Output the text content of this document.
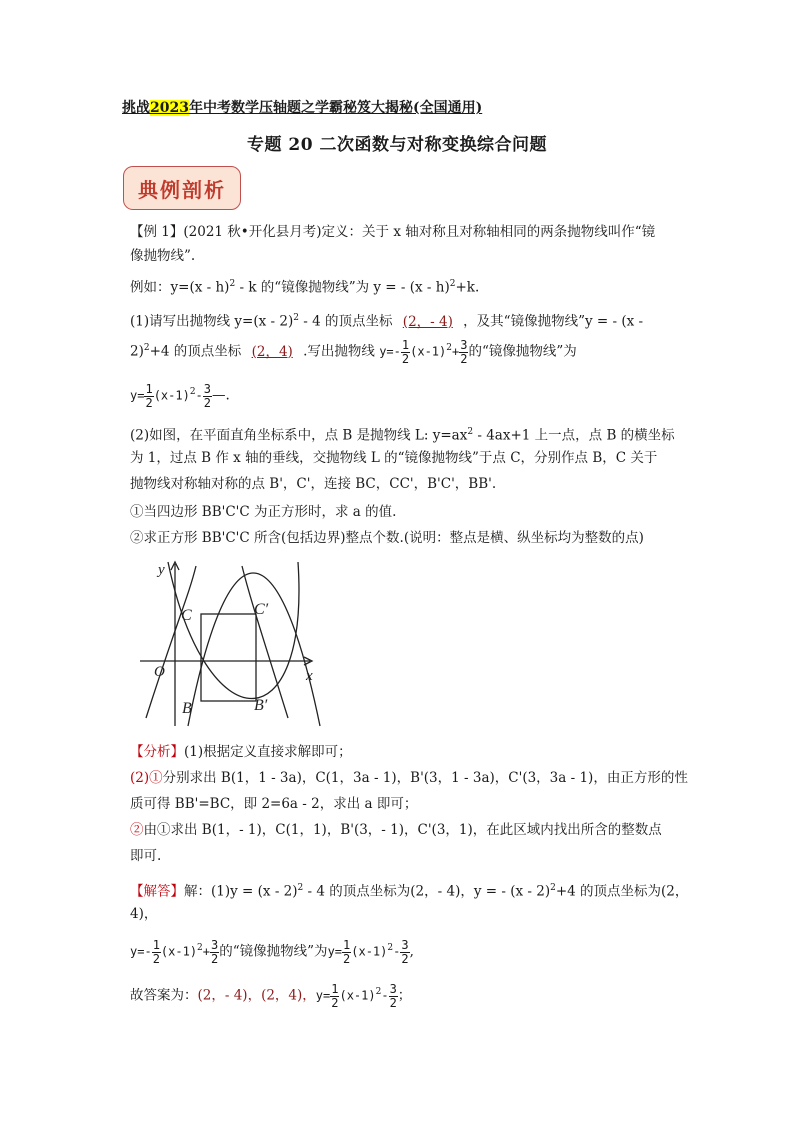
挑战2023年中考数学压轴题之学霸秘笈大揭秘(全国通用)
专题 20 二次函数与对称变换综合问题
典例剖析
【例 1】(2021 秋•开化县月考)定义：关于 x 轴对称且对称轴相同的两条抛物线叫作“镜
像抛物线”.
例如：y=(x - h)$^2$ - k 的“镜像抛物线”为 y = - (x - h)$^2$+k.
(1)请写出抛物线 y=(x - 2)$^2$ - 4 的顶点坐标 (2，- 4) ，及其“镜像抛物线”y = - (x -
2)$^2$+4 的顶点坐标 (2，4) .写出抛物线 $y=- \frac{1}{2} (x-1)^2+ \frac{3}{2}$ 的“镜像抛物线”为
$y= \frac{1}{2} (x-1)^2- \frac{3}{2}$ —.
(2)如图，在平面直角坐标系中，点 B 是抛物线 L: $y=ax^2 - 4ax+1$ 上一点，点 B 的横坐标
为 1，过点 B 作 x 轴的垂线，交抛物线 L 的“镜像抛物线”于点 C，分别作点 B，C 关于
抛物线对称轴对称的点 B'，C'，连接 BC，CC'，B'C'，BB'.
①当四边形 BB'C'C 为正方形时，求 a 的值.
②求正方形 BB'C'C 所含(包括边界)整点个数.(说明：整点是横、纵坐标均为整数的点)
【分析】(1)根据定义直接求解即可；
(2)①分别求出 B(1，1 - 3a)，C(1，3a - 1)，B'(3，1 - 3a)，C'(3，3a - 1)，由正方形的性
质可得 BB'=BC，即 2=6a - 2，求出 a 即可；
②由①求出 B(1，- 1)，C(1，1)，B'(3，- 1)，C'(3，1)，在此区域内找出所含的整数点
即可.
【解答】解：(1)y = (x - 2)$^2$ - 4 的顶点坐标为(2，- 4)，y = - (x - 2)$^2$+4 的顶点坐标为(2，
4)，
$y=- \frac{1}{2} (x-1)^2+ \frac{3}{2}$ 的“镜像抛物线”为$y= \frac{1}{2} (x-1)^2- \frac{3}{2}$ ,
故答案为：(2，- 4)，(2，4)，$y= \frac{1}{2} (x-1)^2- \frac{3}{2}$ ；
y
x
O
C	C′
B	B′
